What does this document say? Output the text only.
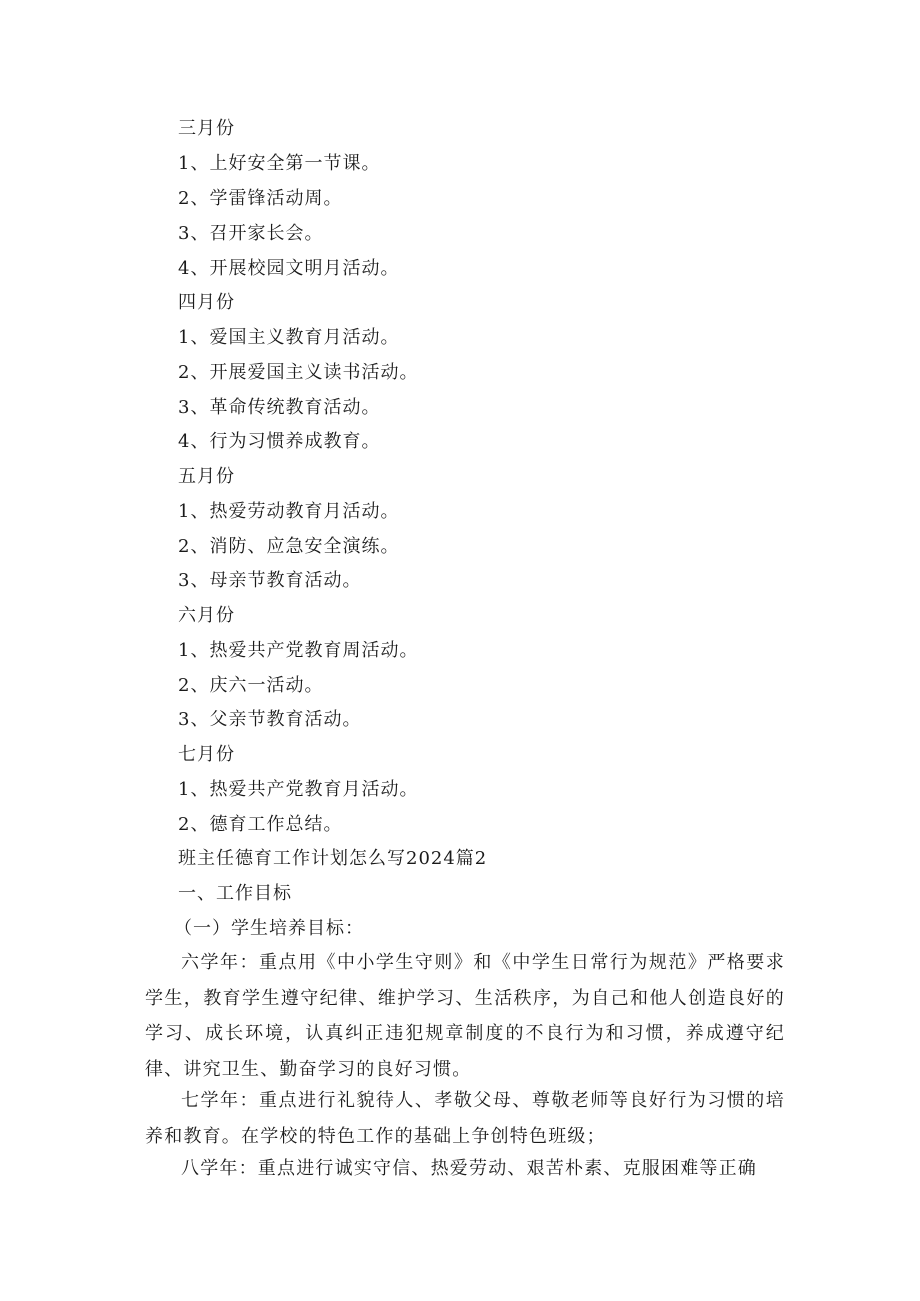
三月份
1、上好安全第一节课。
2、学雷锋活动周。
3、召开家长会。
4、开展校园文明月活动。
四月份
1、爱国主义教育月活动。
2、开展爱国主义读书活动。
3、革命传统教育活动。
4、行为习惯养成教育。
五月份
1、热爱劳动教育月活动。
2、消防、应急安全演练。
3、母亲节教育活动。
六月份
1、热爱共产党教育周活动。
2、庆六一活动。
3、父亲节教育活动。
七月份
1、热爱共产党教育月活动。
2、德育工作总结。
班主任德育工作计划怎么写2024篇2
一、工作目标
（一）学生培养目标：

六学年：重点用《中小学生守则》和《中学生日常行为规范》严格要求学生，教育学生遵守纪律、维护学习、生活秩序，为自己和他人创造良好的学习、成长环境，认真纠正违犯规章制度的不良行为和习惯，养成遵守纪律、讲究卫生、勤奋学习的良好习惯。

七学年：重点进行礼貌待人、孝敬父母、尊敬老师等良好行为习惯的培养和教育。在学校的特色工作的基础上争创特色班级；

八学年：重点进行诚实守信、热爱劳动、艰苦朴素、克服困难等正确
